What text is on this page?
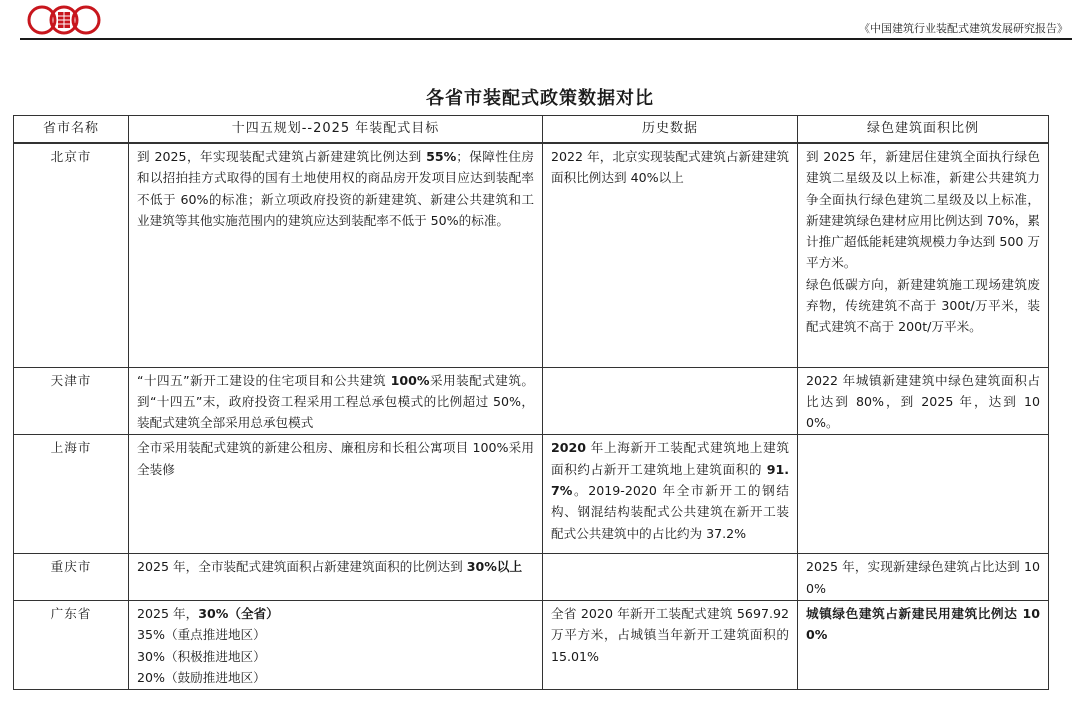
《中国建筑行业装配式建筑发展研究报告》
各省市装配式政策数据对比
省市名称	十四五规划--2025 年装配式目标	历史数据	绿色建筑面积比例
北京市	到 2025，年实现装配式建筑占新建建筑比例达到 55%；保障性住房和以招拍挂方式取得的国有土地使用权的商品房开发项目应达到装配率不低于 60%的标准；新立项政府投资的新建建筑、新建公共建筑和工业建筑等其他实施范围内的建筑应达到装配率不低于 50%的标准。	2022 年，北京实现装配式建筑占新建建筑面积比例达到 40%以上	到 2025 年，新建居住建筑全面执行绿色建筑二星级及以上标准，新建公共建筑力争全面执行绿色建筑二星级及以上标准，新建建筑绿色建材应用比例达到 70%，累计推广超低能耗建筑规模力争达到 500 万平方米。
绿色低碳方向，新建建筑施工现场建筑废弃物，传统建筑不高于 300t/万平米，装配式建筑不高于 200t/万平米。
天津市	“十四五”新开工建设的住宅项目和公共建筑 100%采用装配式建筑。到“十四五”末，政府投资工程采用工程总承包模式的比例超过 50%，装配式建筑全部采用总承包模式		2022 年城镇新建建筑中绿色建筑面积占比达到 80%，到 2025 年，达到 100%。
上海市	全市采用装配式建筑的新建公租房、廉租房和长租公寓项目 100%采用全装修	2020 年上海新开工装配式建筑地上建筑面积约占新开工建筑地上建筑面积的 91.7%。2019-2020 年全市新开工的钢结构、钢混结构装配式公共建筑在新开工装配式公共建筑中的占比约为 37.2%	
重庆市	2025 年，全市装配式建筑面积占新建建筑面积的比例达到 30%以上		2025 年，实现新建绿色建筑占比达到 100%
广东省	2025 年，30%（全省）
35%（重点推进地区）
30%（积极推进地区）
20%（鼓励推进地区）	全省 2020 年新开工装配式建筑 5697.92 万平方米，占城镇当年新开工建筑面积的 15.01%	城镇绿色建筑占新建民用建筑比例达 100%
